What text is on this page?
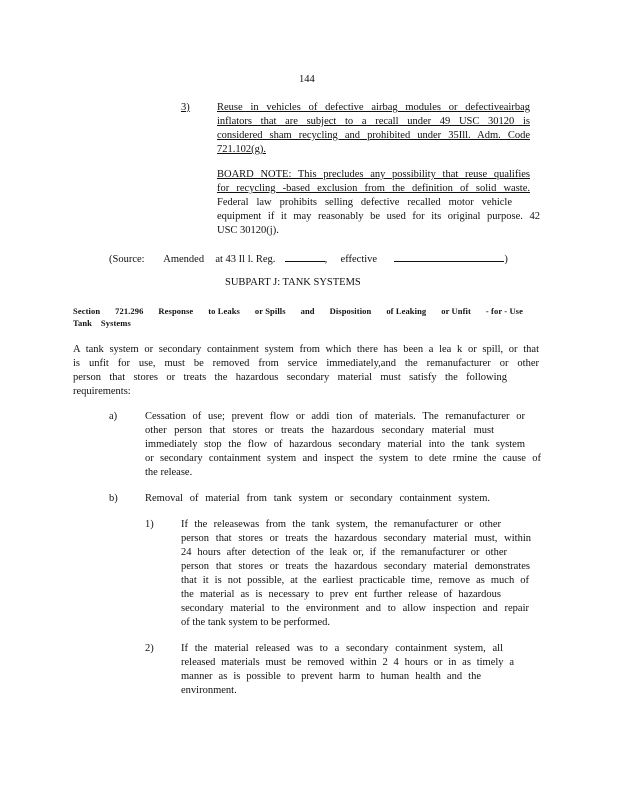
144
3)	Reuse in vehicles of defective airbag modules or defectiveairbag
inflators that are subject to a recall under 49 USC 30120 is
considered sham recycling and prohibited under 35Ill. Adm. Code
721.102(g).
BOARD NOTE: This precludes any possibility that reuse qualifies
for recycling -based exclusion from the definition of solid waste.
Federal law prohibits selling defective recalled motor vehicle
equipment if it may reasonably be used for its original purpose. 42
USC 30120(j).
(Source: Amended at 43 Il l. Reg.	, effective	)
SUBPART J: TANK SYSTEMS
Section 721.296 Response to Leaks or Spills and Disposition of Leaking or Unfit - for - Use
Tank    Systems
A tank system or secondary containment system from which there has been a lea k or spill, or that
is unfit for use, must be removed from service immediately,and the remanufacturer or other
person that stores or treats the hazardous secondary material must satisfy the following
requirements:
a)	Cessation of use; prevent flow or addi tion of materials. The remanufacturer or
other person that stores or treats the hazardous secondary material must
immediately stop the flow of hazardous secondary material into the tank system
or secondary containment system and inspect the system to dete rmine the cause of
the release.
b)	Removal of material from tank system or secondary containment system.
1)	If the releasewas from the tank system, the remanufacturer or other
person that stores or treats the hazardous secondary material must, within
24 hours after detection of the leak or, if the remanufacturer or other
person that stores or treats the hazardous secondary material demonstrates
that it is not possible, at the earliest practicable time, remove as much of
the material as is necessary to prev ent further release of hazardous
secondary material to the environment and to allow inspection and repair
of the tank system to be performed.
2)	If the material released was to a secondary containment system, all
released materials must be removed within 2 4 hours or in as timely a
manner as is possible to prevent harm to human health and the
environment.
